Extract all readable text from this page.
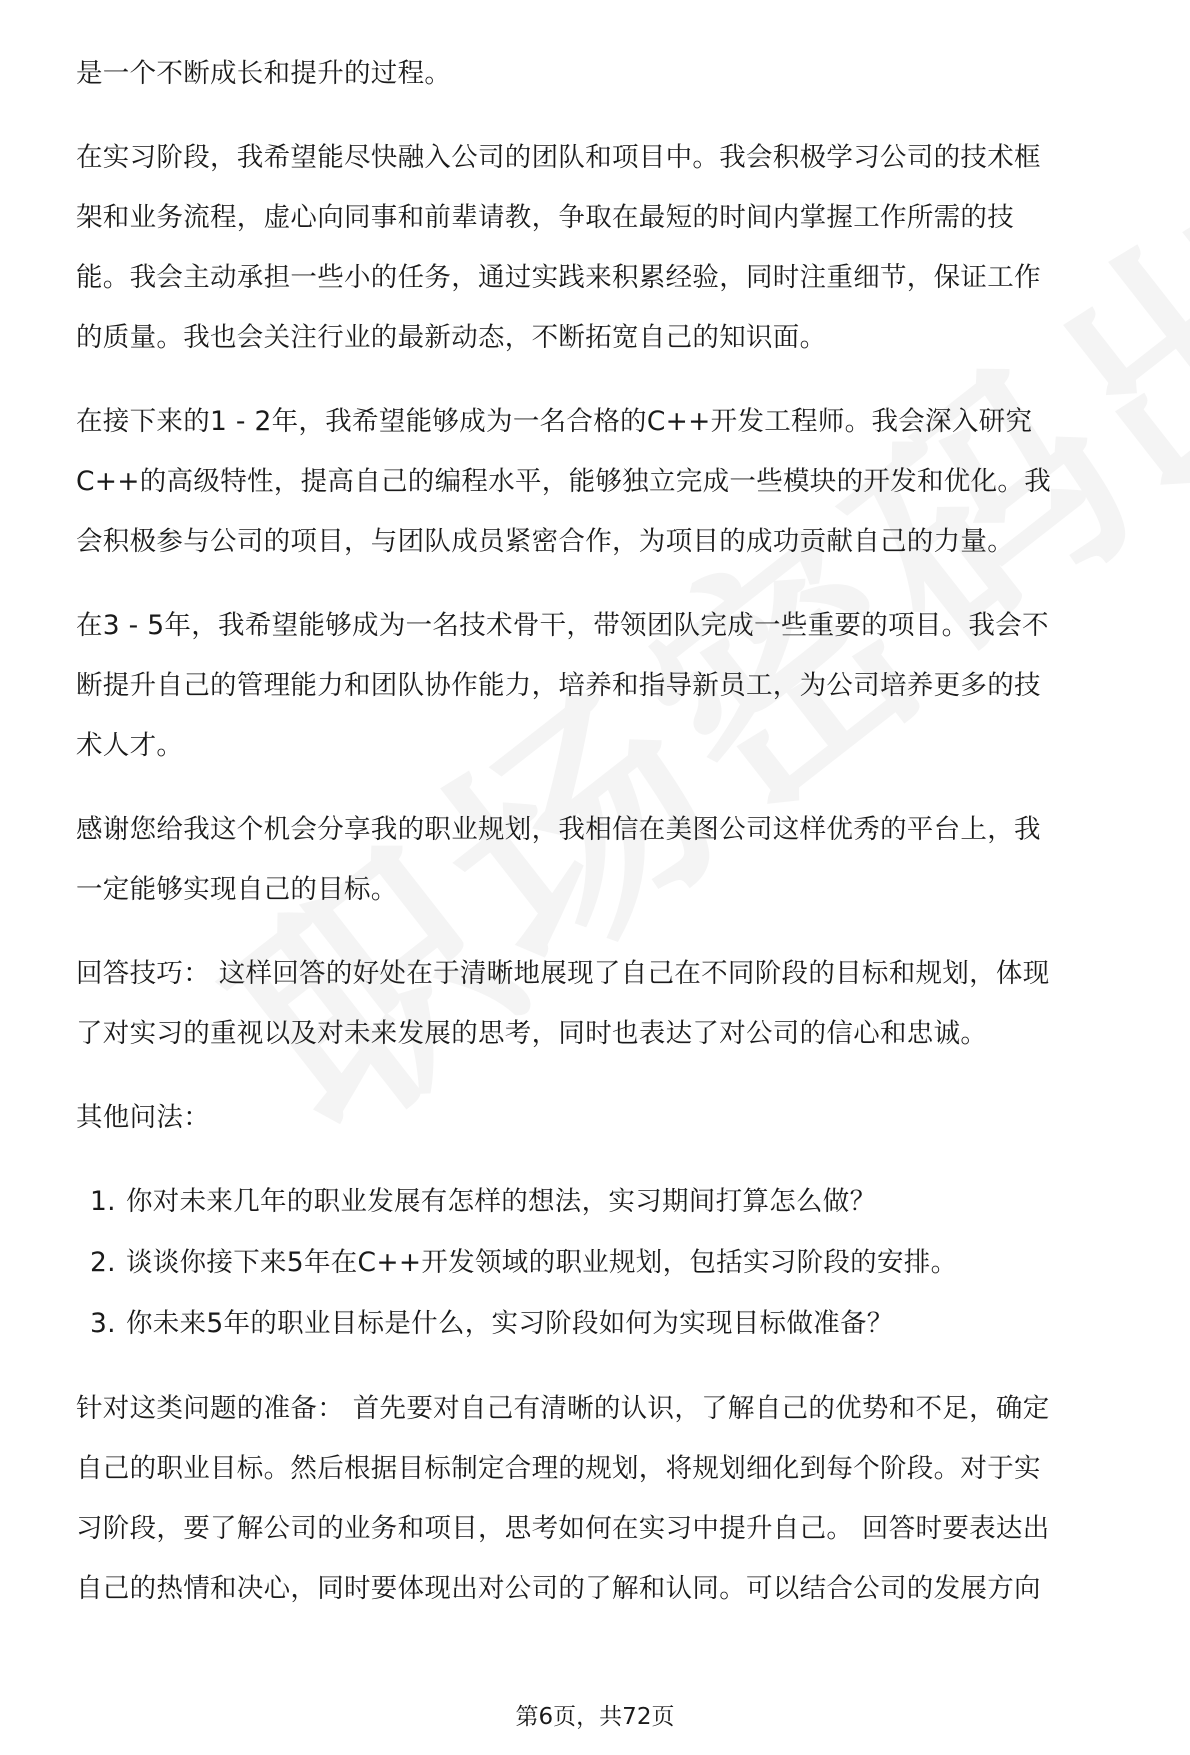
是一个不断成长和提升的过程。

在实习阶段，我希望能尽快融入公司的团队和项目中。我会积极学习公司的技术框
架和业务流程，虚心向同事和前辈请教，争取在最短的时间内掌握工作所需的技
能。我会主动承担一些小的任务，通过实践来积累经验，同时注重细节，保证工作
的质量。我也会关注行业的最新动态，不断拓宽自己的知识面。

在接下来的1 - 2年，我希望能够成为一名合格的C++开发工程师。我会深入研究
C++的高级特性，提高自己的编程水平，能够独立完成一些模块的开发和优化。我
会积极参与公司的项目，与团队成员紧密合作，为项目的成功贡献自己的力量。

在3 - 5年，我希望能够成为一名技术骨干，带领团队完成一些重要的项目。我会不
断提升自己的管理能力和团队协作能力，培养和指导新员工，为公司培养更多的技
术人才。

感谢您给我这个机会分享我的职业规划，我相信在美图公司这样优秀的平台上，我
一定能够实现自己的目标。

回答技巧： 这样回答的好处在于清晰地展现了自己在不同阶段的目标和规划，体现
了对实习的重视以及对未来发展的思考，同时也表达了对公司的信心和忠诚。

其他问法：

1. 你对未来几年的职业发展有怎样的想法，实习期间打算怎么做？
2. 谈谈你接下来5年在C++开发领域的职业规划，包括实习阶段的安排。
3. 你未来5年的职业目标是什么，实习阶段如何为实现目标做准备？

针对这类问题的准备： 首先要对自己有清晰的认识，了解自己的优势和不足，确定
自己的职业目标。然后根据目标制定合理的规划，将规划细化到每个阶段。对于实
习阶段，要了解公司的业务和项目，思考如何在实习中提升自己。 回答时要表达出
自己的热情和决心，同时要体现出对公司的了解和认同。可以结合公司的发展方向

第6页，共72页
